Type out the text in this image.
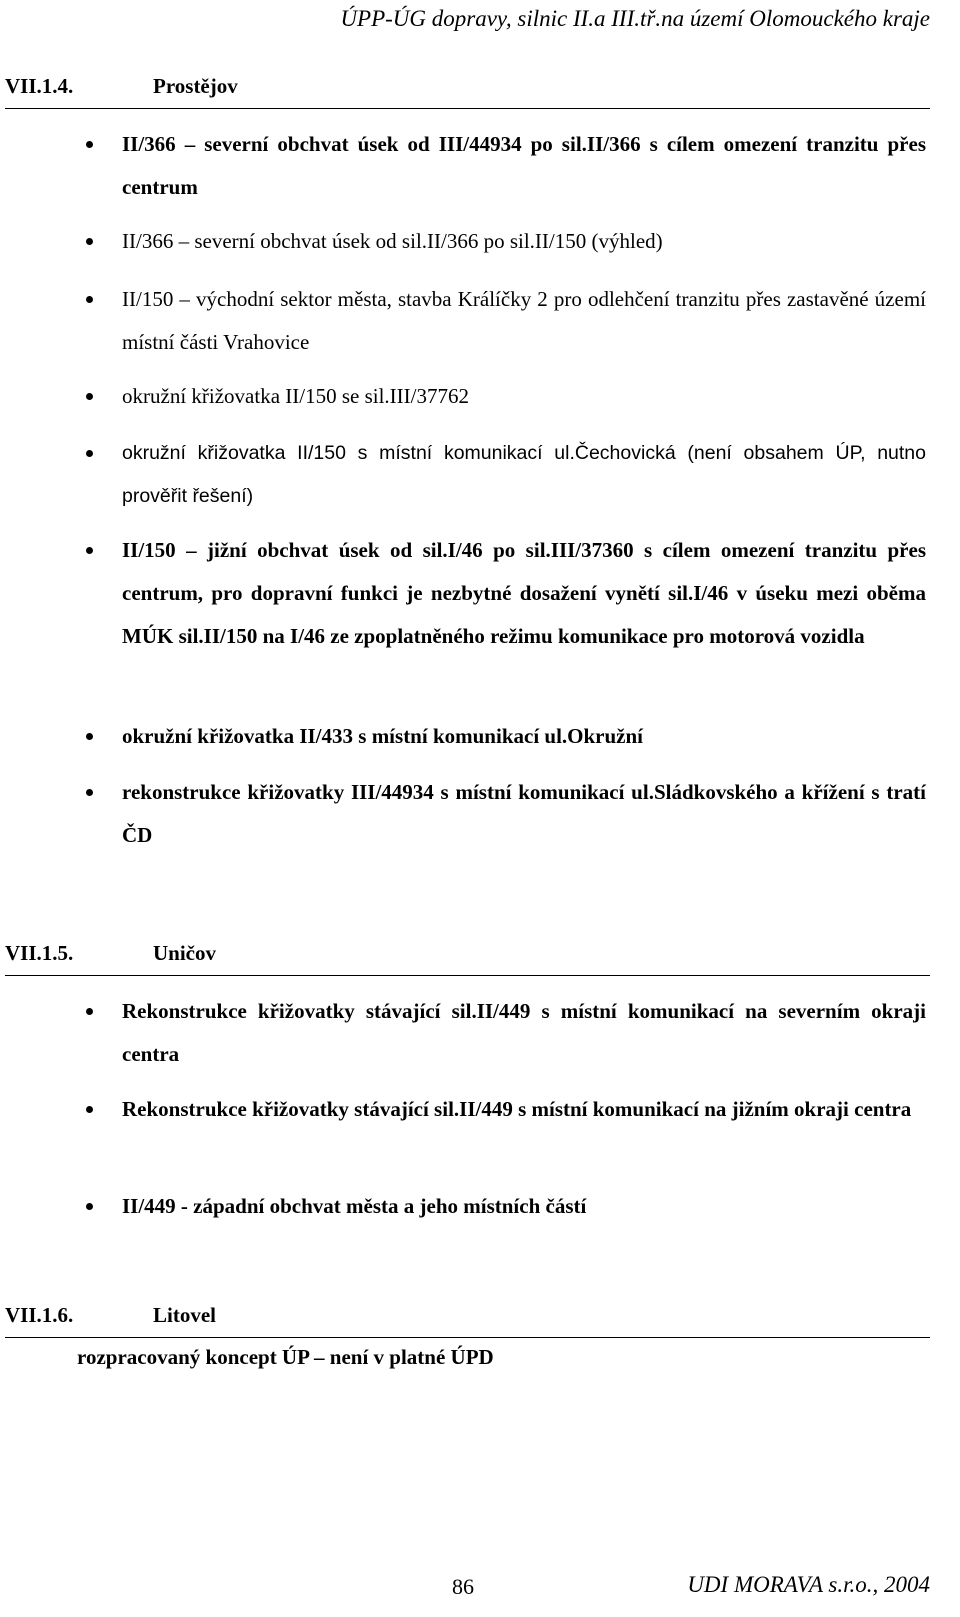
ÚPP-ÚG dopravy, silnic II.a III.tř.na území Olomouckého kraje
VII.1.4.	Prostějov
II/366 – severní obchvat úsek od III/44934 po sil.II/366 s cílem omezení tranzitu přes centrum
II/366 – severní obchvat úsek od sil.II/366 po sil.II/150 (výhled)
II/150 – východní sektor města, stavba Králíčky 2 pro odlehčení tranzitu přes zastavěné území místní části Vrahovice
okružní křižovatka II/150 se sil.III/37762
okružní křižovatka II/150 s místní komunikací ul.Čechovická (není obsahem ÚP, nutno prověřit řešení)
II/150 – jižní obchvat úsek od sil.I/46 po sil.III/37360 s cílem omezení tranzitu přes centrum, pro dopravní funkci je nezbytné dosažení vynětí sil.I/46 v úseku mezi oběma MÚK sil.II/150 na I/46 ze zpoplatněného režimu komunikace pro motorová vozidla
okružní křižovatka II/433 s místní komunikací ul.Okružní
rekonstrukce křižovatky III/44934 s místní komunikací ul.Sládkovského a křížení s tratí ČD
VII.1.5.	Uničov
Rekonstrukce křižovatky stávající sil.II/449 s místní komunikací na severním okraji centra
Rekonstrukce křižovatky stávající sil.II/449 s místní komunikací na jižním okraji centra
II/449 - západní obchvat města a jeho místních částí
VII.1.6.	Litovel
rozpracovaný koncept ÚP – není v platné ÚPD
86	UDI MORAVA s.r.o., 2004
